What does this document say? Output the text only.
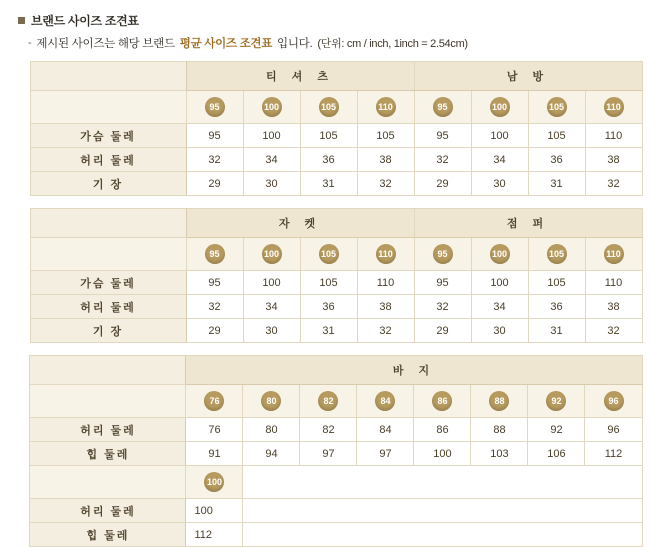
브랜드 사이즈 조견표
- 제시된 사이즈는 해당 브랜드 평균 사이즈 조견표 입니다. (단위: cm / inch, 1inch = 2.54cm)
	티 셔 츠				남 방			
	95	100	105	110	95	100	105	110
가슴 둘레	95	100	105	105	95	100	105	110
허리 둘레	32	34	36	38	32	34	36	38
기 장	29	30	31	32	29	30	31	32
	자 켓				점 퍼			
	95	100	105	110	95	100	105	110
가슴 둘레	95	100	105	110	95	100	105	110
허리 둘레	32	34	36	38	32	34	36	38
기 장	29	30	31	32	29	30	31	32
	바 지							
	76	80	82	84	86	88	92	96
허리 둘레	76	80	82	84	86	88	92	96
힙 둘레	91	94	97	97	100	103	106	112
	100							
허리 둘레	100							
힙 둘레	112							
